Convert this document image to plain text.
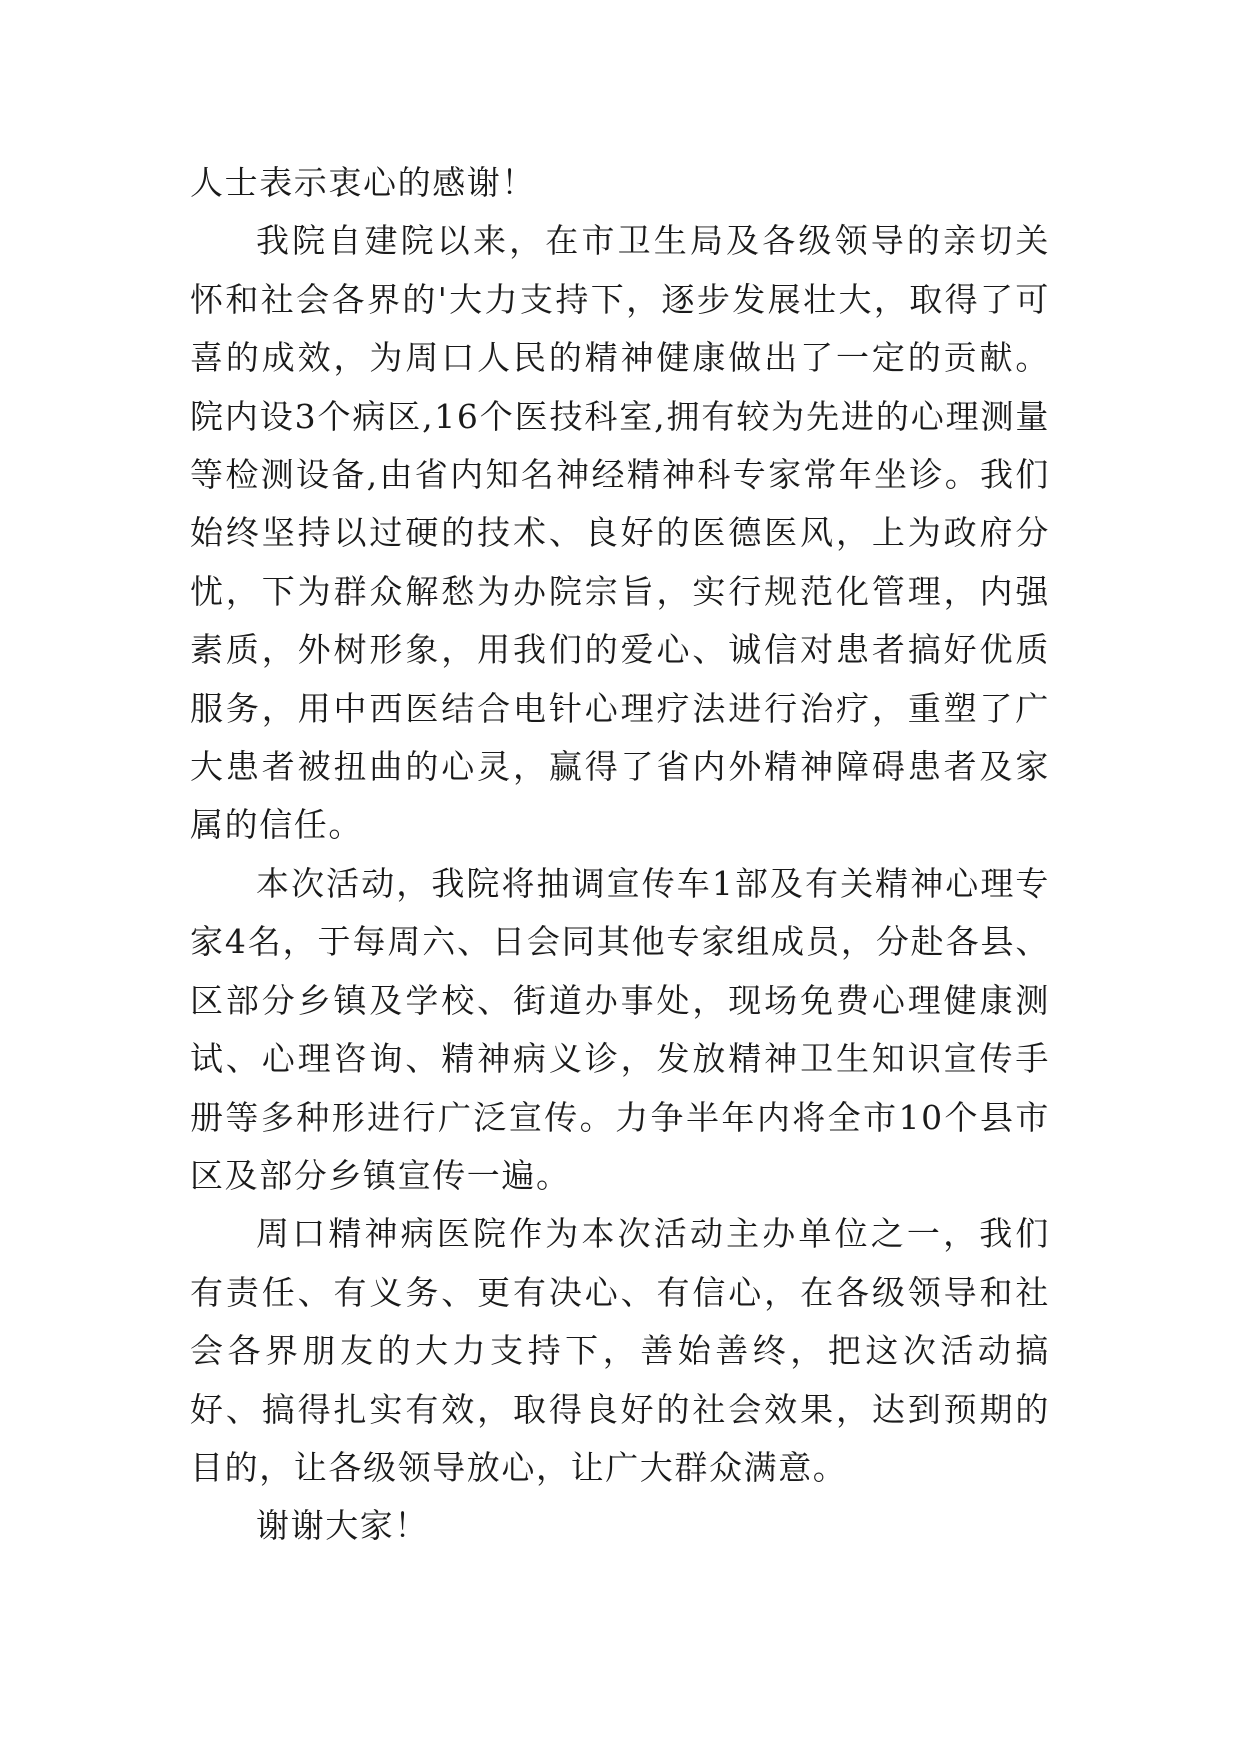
人士表示衷心的感谢！

我院自建院以来，在市卫生局及各级领导的亲切关怀和社会各界的'大力支持下，逐步发展壮大，取得了可喜的成效，为周口人民的精神健康做出了一定的贡献。院内设3个病区,16个医技科室,拥有较为先进的心理测量等检测设备,由省内知名神经精神科专家常年坐诊。我们始终坚持以过硬的技术、良好的医德医风，上为政府分忧，下为群众解愁为办院宗旨，实行规范化管理，内强素质，外树形象，用我们的爱心、诚信对患者搞好优质服务，用中西医结合电针心理疗法进行治疗，重塑了广大患者被扭曲的心灵，赢得了省内外精神障碍患者及家属的信任。

本次活动，我院将抽调宣传车1部及有关精神心理专家4名，于每周六、日会同其他专家组成员，分赴各县、区部分乡镇及学校、街道办事处，现场免费心理健康测试、心理咨询、精神病义诊，发放精神卫生知识宣传手册等多种形进行广泛宣传。力争半年内将全市10个县市区及部分乡镇宣传一遍。

周口精神病医院作为本次活动主办单位之一，我们有责任、有义务、更有决心、有信心，在各级领导和社会各界朋友的大力支持下，善始善终，把这次活动搞好、搞得扎实有效，取得良好的社会效果，达到预期的目的，让各级领导放心，让广大群众满意。

谢谢大家！
